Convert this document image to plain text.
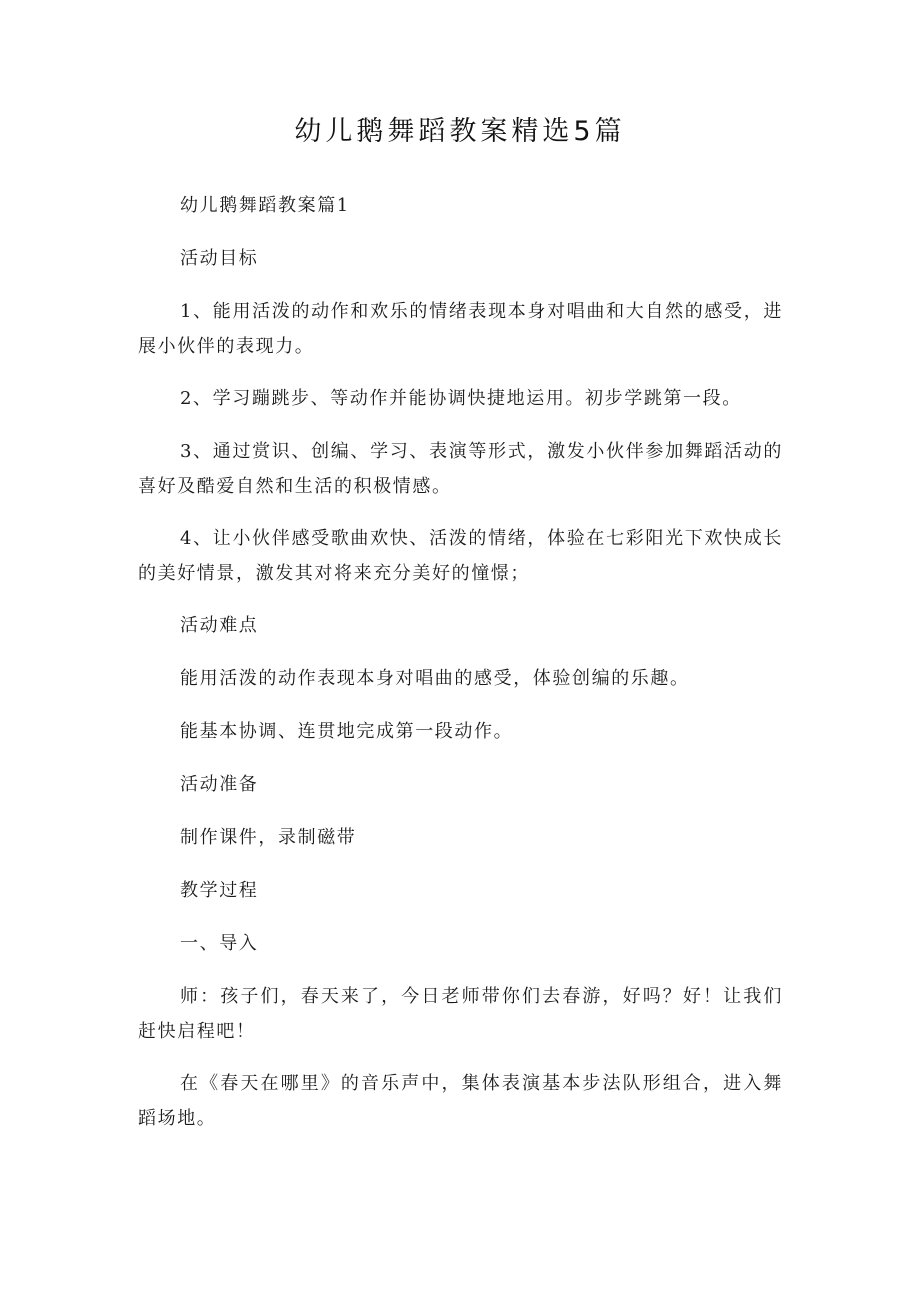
幼儿鹅舞蹈教案精选5篇

幼儿鹅舞蹈教案篇1

活动目标

1、能用活泼的动作和欢乐的情绪表现本身对唱曲和大自然的感受，进展小伙伴的表现力。

2、学习蹦跳步、等动作并能协调快捷地运用。初步学跳第一段。

3、通过赏识、创编、学习、表演等形式，激发小伙伴参加舞蹈活动的喜好及酷爱自然和生活的积极情感。

4、让小伙伴感受歌曲欢快、活泼的情绪，体验在七彩阳光下欢快成长的美好情景，激发其对将来充分美好的憧憬；

活动难点

能用活泼的动作表现本身对唱曲的感受，体验创编的乐趣。

能基本协调、连贯地完成第一段动作。

活动准备

制作课件，录制磁带

教学过程

一、导入

师：孩子们，春天来了，今日老师带你们去春游，好吗？好！让我们赶快启程吧！

在《春天在哪里》的音乐声中，集体表演基本步法队形组合，进入舞蹈场地。
